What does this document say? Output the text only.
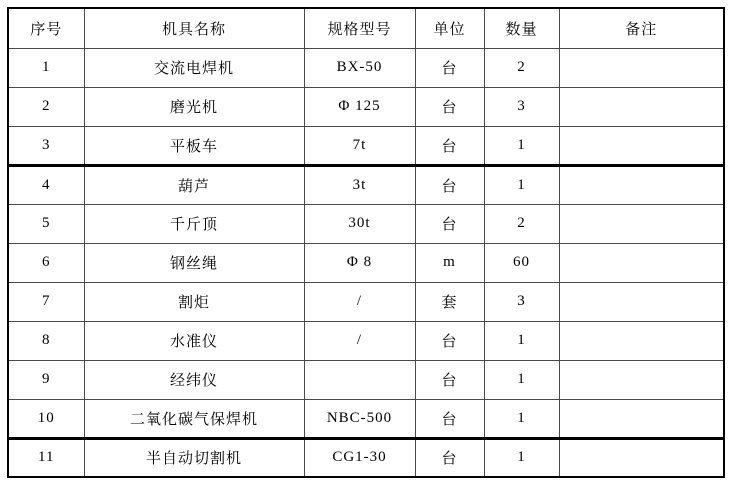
序号	机具名称	规格型号	单位	数量	备注
1	交流电焊机	BX-50	台	2	
2	磨光机	Φ 125	台	3	
3	平板车	7t	台	1	
4	葫芦	3t	台	1	
5	千斤顶	30t	台	2	
6	钢丝绳	Φ 8	m	60	
7	割炬	/	套	3	
8	水准仪	/	台	1	
9	经纬仪		台	1	
10	二氧化碳气保焊机	NBC-500	台	1	
11	半自动切割机	CG1-30	台	1	
